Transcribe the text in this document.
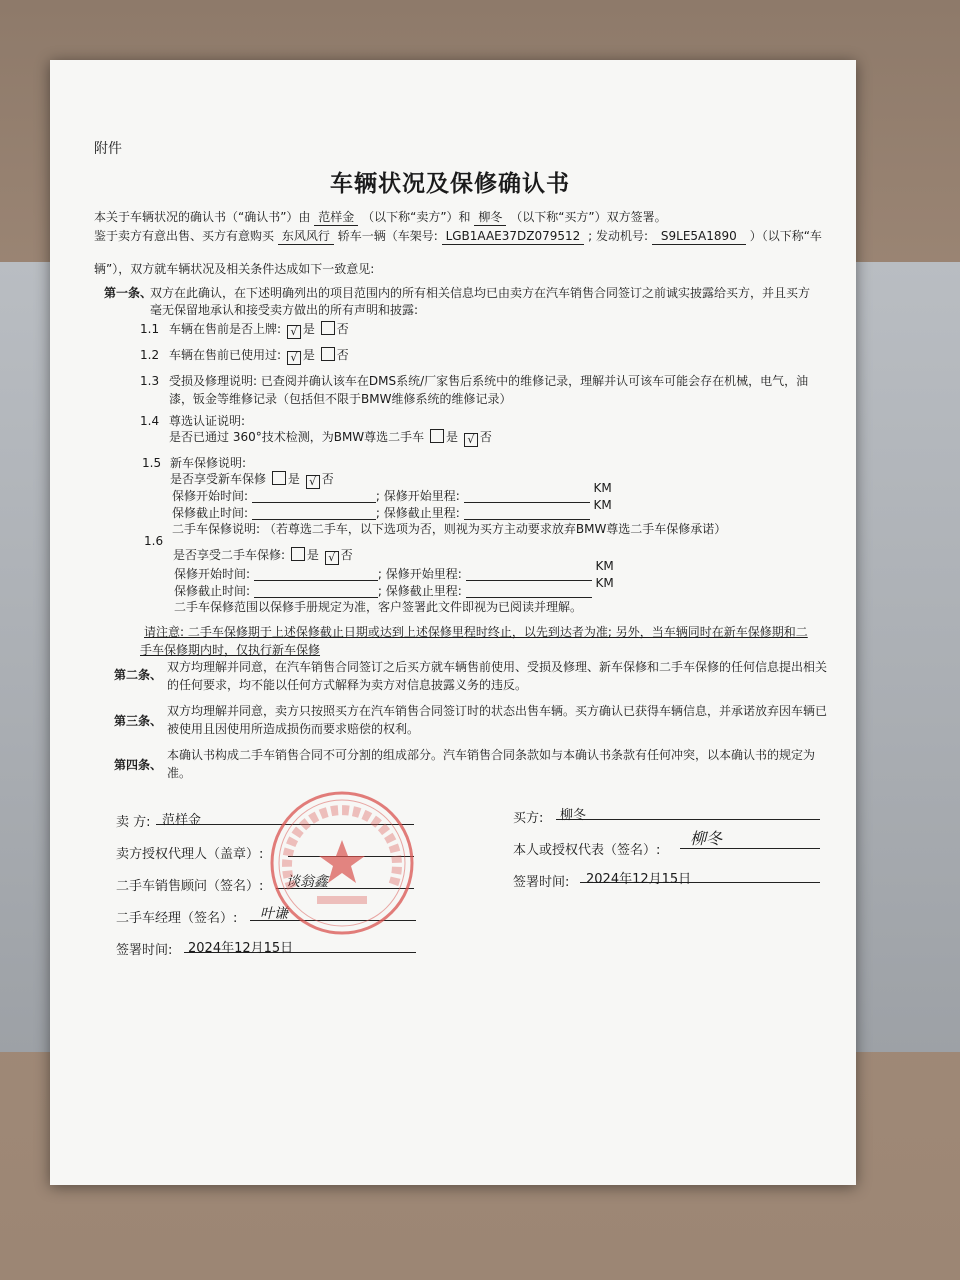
附件
车辆状况及保修确认书
本关于车辆状况的确认书（“确认书”）由 范样金 （以下称“卖方”）和 柳冬 （以下称“买方”）双方签署。
鉴于卖方有意出售、买方有意购买 东风风行 轿车一辆（车架号: LGB1AAE37DZ079512 ; 发动机号: S9LE5A1890 ）（以下称“车
辆”），双方就车辆状况及相关条件达成如下一致意见:
第一条、
双方在此确认，在下述明确列出的项目范围内的所有相关信息均已由卖方在汽车销售合同签订之前诚实披露给买方，并且买方
毫无保留地承认和接受卖方做出的所有声明和披露:
1.1 车辆在售前是否上牌: √ 是 否
1.2 车辆在售前已使用过: √ 是 否
1.3 受损及修理说明: 已查阅并确认该车在DMS系统/厂家售后系统中的维修记录，理解并认可该车可能会存在机械，电气，油
漆，钣金等维修记录（包括但不限于BMW维修系统的维修记录）
1.4 尊选认证说明:
是否已通过 360°技术检测，为BMW尊选二手车 是 √ 否
1.5 新车保修说明:
是否享受新车保修 是 √ 否
保修开始时间:	; 保修开始里程:  KM
保修截止时间:	; 保修截止里程:  KM
1.6
二手车保修说明: （若尊选二手车，以下选项为否，则视为买方主动要求放弃BMW尊选二手车保修承诺）
是否享受二手车保修: 是 √ 否
保修开始时间:	; 保修开始里程:  KM
保修截止时间:	; 保修截止里程:  KM
二手车保修范围以保修手册规定为准，客户签署此文件即视为已阅读并理解。
请注意: 二手车保修期于上述保修截止日期或达到上述保修里程时终止，以先到达者为准; 另外，当车辆同时在新车保修期和二
手车保修期内时，仅执行新车保修
第二条、
双方均理解并同意，在汽车销售合同签订之后买方就车辆售前使用、受损及修理、新车保修和二手车保修的任何信息提出相关
的任何要求，均不能以任何方式解释为卖方对信息披露义务的违反。
第三条、
双方均理解并同意，卖方只按照买方在汽车销售合同签订时的状态出售车辆。买方确认已获得车辆信息，并承诺放弃因车辆已
被使用且因使用所造成损伤而要求赔偿的权利。
第四条、
本确认书构成二手车销售合同不可分割的组成部分。汽车销售合同条款如与本确认书条款有任何冲突，以本确认书的规定为
准。
卖 方: 范样金
卖方授权代理人（盖章）:
二手车销售顾问（签名）: 谈翁鑫
二手车经理（签名）: 叶谦
签署时间: 2024年12月15日
买方: 柳冬
本人或授权代表（签名）:
柳冬
签署时间: 2024年12月15日
